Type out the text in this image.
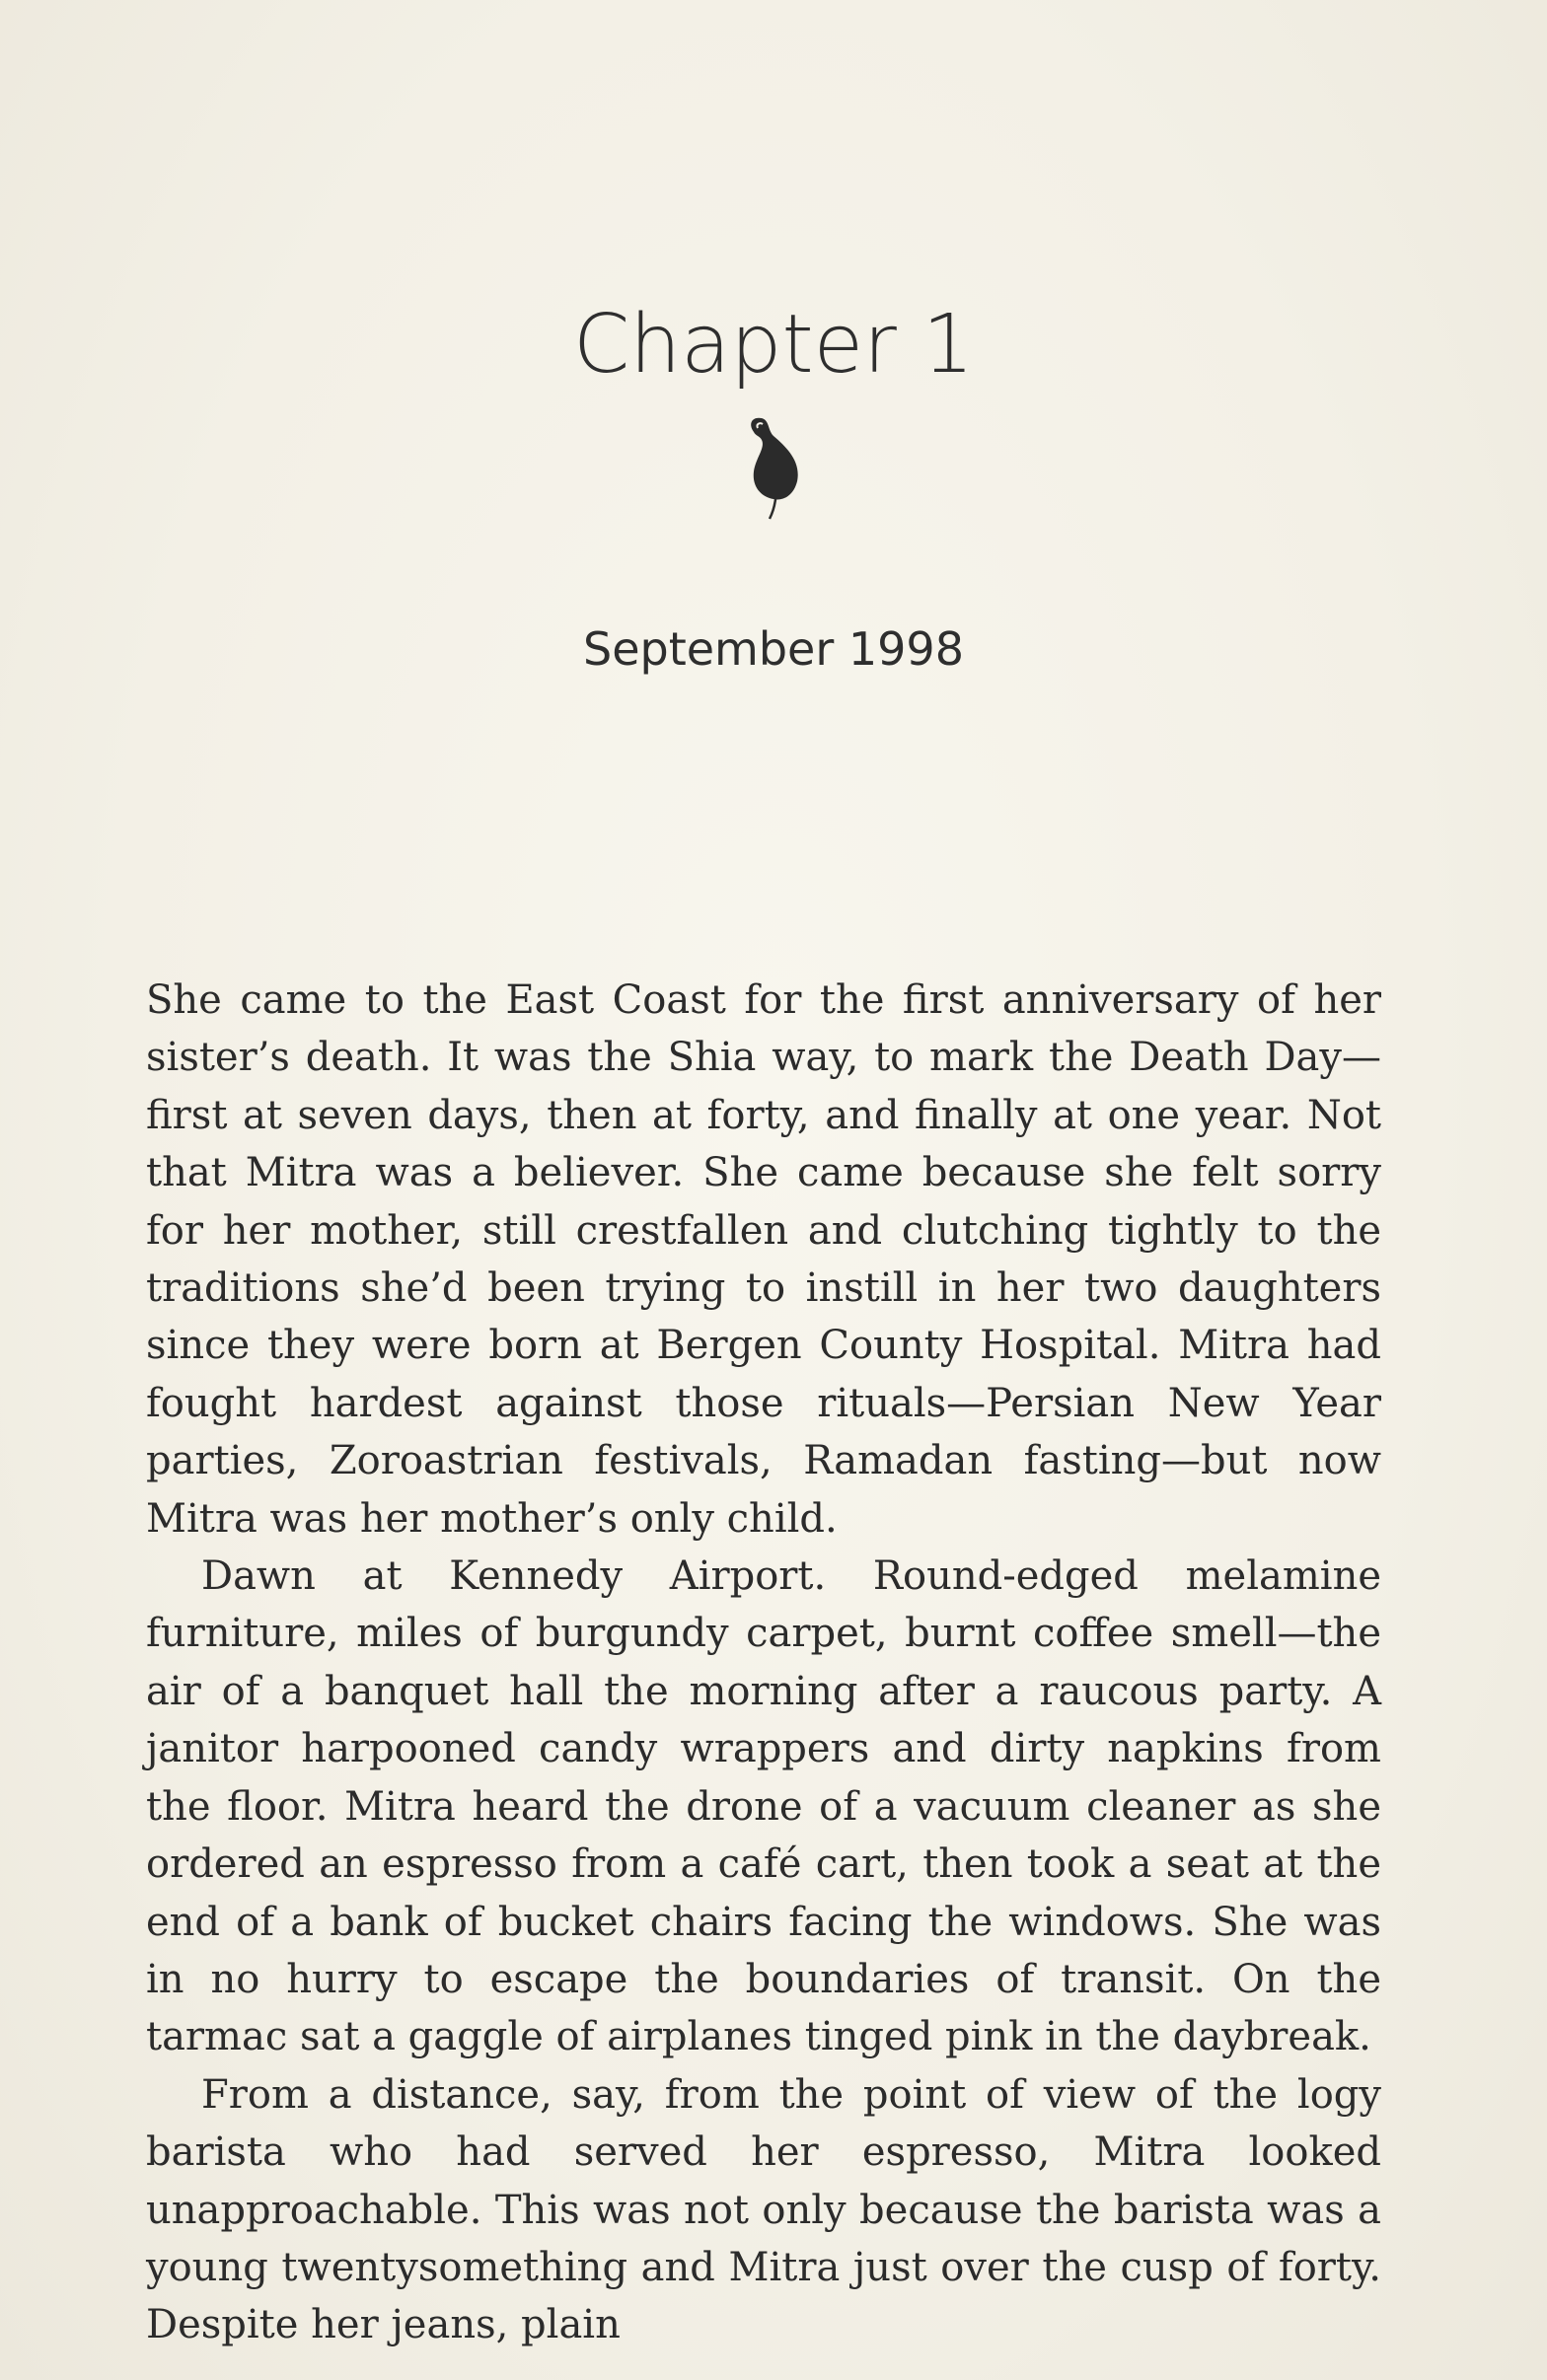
Chapter 1
September 1998

She came to the East Coast for the first anniversary of her sister’s death. It was the Shia way, to mark the Death Day—first at seven days, then at forty, and finally at one year. Not that Mitra was a believer. She came because she felt sorry for her mother, still crestfallen and clutching tightly to the traditions she’d been trying to instill in her two daughters since they were born at Bergen County Hospital. Mitra had fought hardest against those rituals—Persian New Year parties, Zoroastrian festivals, Ramadan fasting—but now Mitra was her mother’s only child.

Dawn at Kennedy Airport. Round-edged melamine furniture, miles of burgundy carpet, burnt coffee smell—the air of a banquet hall the morning after a raucous party. A janitor harpooned candy wrappers and dirty napkins from the floor. Mitra heard the drone of a vacuum cleaner as she ordered an espresso from a café cart, then took a seat at the end of a bank of bucket chairs facing the windows. She was in no hurry to escape the boundaries of transit. On the tarmac sat a gaggle of airplanes tinged pink in the daybreak.

From a distance, say, from the point of view of the logy barista who had served her espresso, Mitra looked unapproachable. This was not only because the barista was a young twentysomething and Mitra just over the cusp of forty. Despite her jeans, plain
